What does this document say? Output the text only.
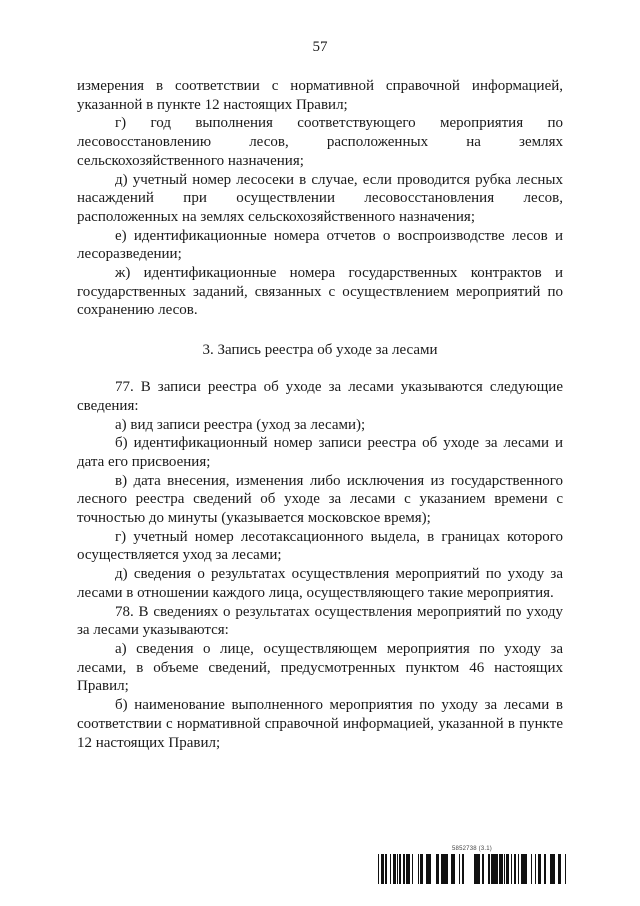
57

измерения в соответствии с нормативной справочной информацией, указанной в пункте 12 настоящих Правил;

г) год выполнения соответствующего мероприятия по лесовосстановлению лесов, расположенных на землях сельскохозяйственного назначения;

д) учетный номер лесосеки в случае, если проводится рубка лесных насаждений при осуществлении лесовосстановления лесов, расположенных на землях сельскохозяйственного назначения;

е) идентификационные номера отчетов о воспроизводстве лесов и лесоразведении;

ж) идентификационные номера государственных контрактов и государственных заданий, связанных с осуществлением мероприятий по сохранению лесов.

3. Запись реестра об уходе за лесами

77. В записи реестра об уходе за лесами указываются следующие сведения:

а) вид записи реестра (уход за лесами);

б) идентификационный номер записи реестра об уходе за лесами и дата его присвоения;

в) дата внесения, изменения либо исключения из государственного лесного реестра сведений об уходе за лесами с указанием времени с точностью до минуты (указывается московское время);

г) учетный номер лесотаксационного выдела, в границах которого осуществляется уход за лесами;

д) сведения о результатах осуществления мероприятий по уходу за лесами в отношении каждого лица, осуществляющего такие мероприятия.

78. В сведениях о результатах осуществления мероприятий по уходу за лесами указываются:

а) сведения о лице, осуществляющем мероприятия по уходу за лесами, в объеме сведений, предусмотренных пунктом 46 настоящих Правил;

б) наименование выполненного мероприятия по уходу за лесами в соответствии с нормативной справочной информацией, указанной в пункте 12 настоящих Правил;

5852738 (3.1)
